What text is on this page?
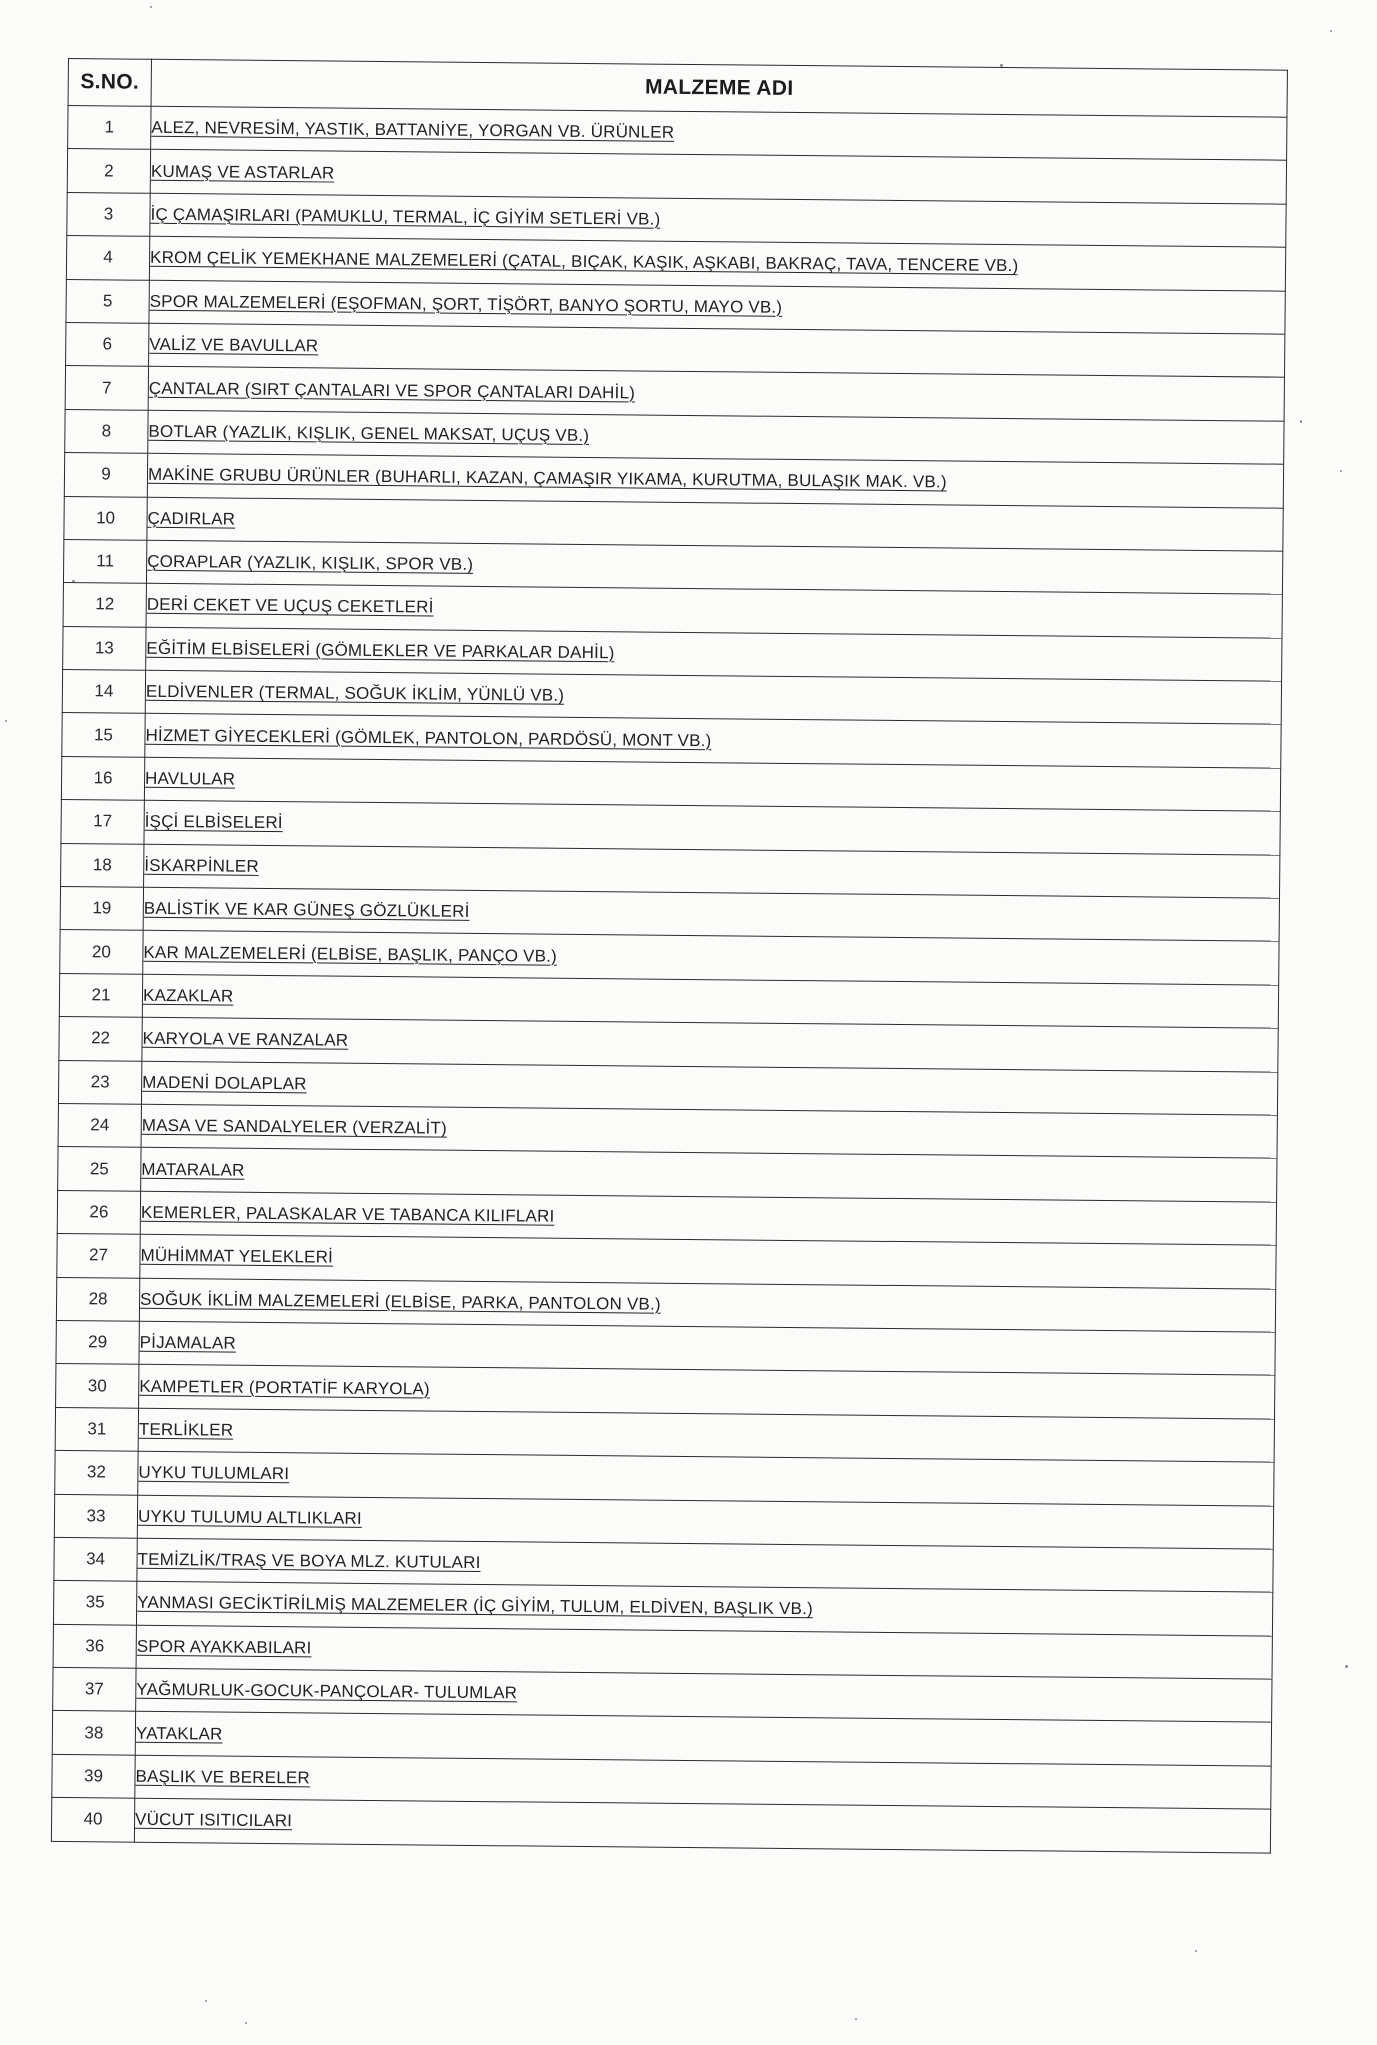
S.NO.	MALZEME ADI
1	ALEZ, NEVRESİM, YASTIK, BATTANİYE, YORGAN VB. ÜRÜNLER
2	KUMAŞ VE ASTARLAR
3	İÇ ÇAMAŞIRLARI (PAMUKLU, TERMAL, İÇ GİYİM SETLERİ VB.)
4	KROM ÇELİK YEMEKHANE MALZEMELERİ (ÇATAL, BIÇAK, KAŞIK, AŞKABI, BAKRAÇ, TAVA, TENCERE VB.)
5	SPOR MALZEMELERİ (EŞOFMAN, ŞORT, TİŞÖRT, BANYO ŞORTU, MAYO VB.)
6	VALİZ VE BAVULLAR
7	ÇANTALAR (SIRT ÇANTALARI VE SPOR ÇANTALARI DAHİL)
8	BOTLAR (YAZLIK, KIŞLIK, GENEL MAKSAT, UÇUŞ VB.)
9	MAKİNE GRUBU ÜRÜNLER (BUHARLI, KAZAN, ÇAMAŞIR YIKAMA, KURUTMA, BULAŞIK MAK. VB.)
10	ÇADIRLAR
11	ÇORAPLAR (YAZLIK, KIŞLIK, SPOR VB.)
12	DERİ CEKET VE UÇUŞ CEKETLERİ
13	EĞİTİM ELBİSELERİ (GÖMLEKLER VE PARKALAR DAHİL)
14	ELDİVENLER (TERMAL, SOĞUK İKLİM, YÜNLÜ VB.)
15	HİZMET GİYECEKLERİ (GÖMLEK, PANTOLON, PARDÖSÜ, MONT VB.)
16	HAVLULAR
17	İŞÇİ ELBİSELERİ
18	İSKARPİNLER
19	BALİSTİK VE KAR GÜNEŞ GÖZLÜKLERİ
20	KAR MALZEMELERİ (ELBİSE, BAŞLIK, PANÇO VB.)
21	KAZAKLAR
22	KARYOLA VE RANZALAR
23	MADENİ DOLAPLAR
24	MASA VE SANDALYELER (VERZALİT)
25	MATARALAR
26	KEMERLER, PALASKALAR VE TABANCA KILIFLARI
27	MÜHİMMAT YELEKLERİ
28	SOĞUK İKLİM MALZEMELERİ (ELBİSE, PARKA, PANTOLON VB.)
29	PİJAMALAR
30	KAMPETLER (PORTATİF KARYOLA)
31	TERLİKLER
32	UYKU TULUMLARI
33	UYKU TULUMU ALTLIKLARI
34	TEMİZLİK/TRAŞ VE BOYA MLZ. KUTULARI
35	YANMASI GECİKTİRİLMİŞ MALZEMELER (İÇ GİYİM, TULUM, ELDİVEN, BAŞLIK VB.)
36	SPOR AYAKKABILARI
37	YAĞMURLUK-GOCUK-PANÇOLAR- TULUMLAR
38	YATAKLAR
39	BAŞLIK VE BERELER
40	VÜCUT ISITICILARI
